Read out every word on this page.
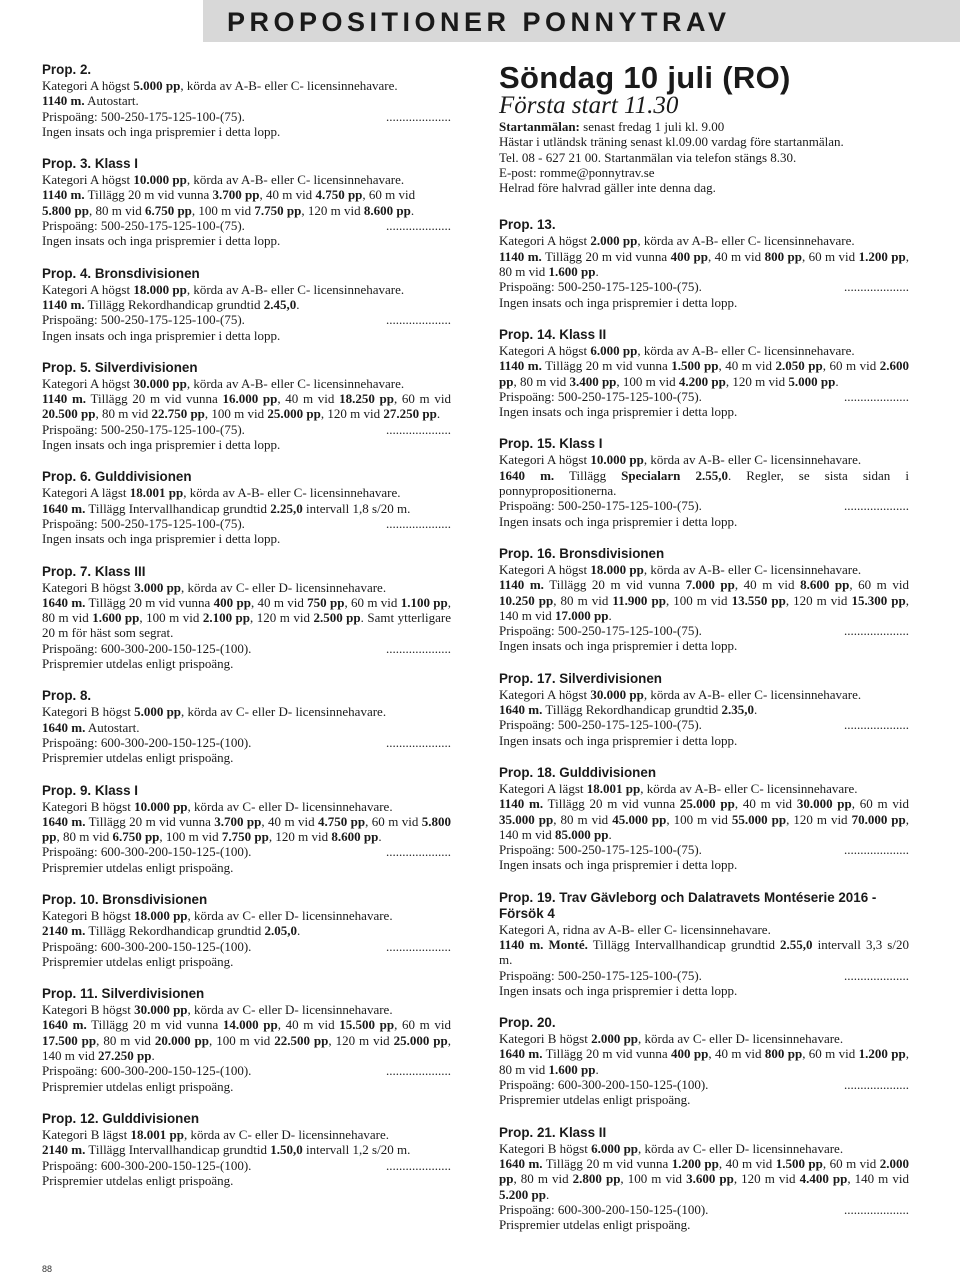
PROPOSITIONER PONNYTRAV
Prop. 2.
Kategori A högst 5.000 pp, körda av A-B- eller C- licensinnehavare.
1140 m. Autostart.
Prispoäng: 500-250-175-125-100-(75).	....................
Ingen insats och inga prispremier i detta lopp.
Prop. 3. Klass I
Kategori A högst 10.000 pp, körda av A-B- eller C- licensinnehavare.
1140 m. Tillägg 20 m vid vunna 3.700 pp, 40 m vid 4.750 pp, 60 m vid
5.800 pp, 80 m vid 6.750 pp, 100 m vid 7.750 pp, 120 m vid 8.600 pp.
Prispoäng: 500-250-175-125-100-(75).	....................
Ingen insats och inga prispremier i detta lopp.
Prop. 4. Bronsdivisionen
Kategori A högst 18.000 pp, körda av A-B- eller C- licensinnehavare.
1140 m. Tillägg Rekordhandicap grundtid 2.45,0.
Prispoäng: 500-250-175-125-100-(75).	....................
Ingen insats och inga prispremier i detta lopp.
Prop. 5. Silverdivisionen
Kategori A högst 30.000 pp, körda av A-B- eller C- licensinnehavare.
1140 m. Tillägg 20 m vid vunna 16.000 pp, 40 m vid 18.250 pp, 60 m vid 20.500 pp, 80 m vid 22.750 pp, 100 m vid 25.000 pp, 120 m vid 27.250 pp.
Prispoäng: 500-250-175-125-100-(75).	....................
Ingen insats och inga prispremier i detta lopp.
Prop. 6. Gulddivisionen
Kategori A lägst 18.001 pp, körda av A-B- eller C- licensinnehavare.
1640 m. Tillägg Intervallhandicap grundtid 2.25,0 intervall 1,8 s/20 m.
Prispoäng: 500-250-175-125-100-(75).	....................
Ingen insats och inga prispremier i detta lopp.
Prop. 7. Klass III
Kategori B högst 3.000 pp, körda av C- eller D- licensinnehavare.
1640 m. Tillägg 20 m vid vunna 400 pp, 40 m vid 750 pp, 60 m vid 1.100 pp, 80 m vid 1.600 pp, 100 m vid 2.100 pp, 120 m vid 2.500 pp. Samt ytterligare 20 m för häst som segrat.
Prispoäng: 600-300-200-150-125-(100).	....................
Prispremier utdelas enligt prispoäng.
Prop. 8.
Kategori B högst 5.000 pp, körda av C- eller D- licensinnehavare.
1640 m. Autostart.
Prispoäng: 600-300-200-150-125-(100).	....................
Prispremier utdelas enligt prispoäng.
Prop. 9. Klass I
Kategori B högst 10.000 pp, körda av C- eller D- licensinnehavare.
1640 m. Tillägg 20 m vid vunna 3.700 pp, 40 m vid 4.750 pp, 60 m vid 5.800 pp, 80 m vid 6.750 pp, 100 m vid 7.750 pp, 120 m vid 8.600 pp.
Prispoäng: 600-300-200-150-125-(100).	....................
Prispremier utdelas enligt prispoäng.
Prop. 10. Bronsdivisionen
Kategori B högst 18.000 pp, körda av C- eller D- licensinnehavare.
2140 m. Tillägg Rekordhandicap grundtid 2.05,0.
Prispoäng: 600-300-200-150-125-(100).	....................
Prispremier utdelas enligt prispoäng.
Prop. 11. Silverdivisionen
Kategori B högst 30.000 pp, körda av C- eller D- licensinnehavare.
1640 m. Tillägg 20 m vid vunna 14.000 pp, 40 m vid 15.500 pp, 60 m vid 17.500 pp, 80 m vid 20.000 pp, 100 m vid 22.500 pp, 120 m vid 25.000 pp, 140 m vid 27.250 pp.
Prispoäng: 600-300-200-150-125-(100).	....................
Prispremier utdelas enligt prispoäng.
Prop. 12. Gulddivisionen
Kategori B lägst 18.001 pp, körda av C- eller D- licensinnehavare.
2140 m. Tillägg Intervallhandicap grundtid 1.50,0 intervall 1,2 s/20 m.
Prispoäng: 600-300-200-150-125-(100).	....................
Prispremier utdelas enligt prispoäng.
Söndag 10 juli (RO)
Första start 11.30
Startanmälan: senast fredag 1 juli kl. 9.00
Hästar i utländsk träning senast kl.09.00 vardag före startanmälan.
Tel. 08 - 627 21 00. Startanmälan via telefon stängs 8.30.
E-post: romme@ponnytrav.se
Helrad före halvrad gäller inte denna dag.
Prop. 13.
Kategori A högst 2.000 pp, körda av A-B- eller C- licensinnehavare.
1140 m. Tillägg 20 m vid vunna 400 pp, 40 m vid 800 pp, 60 m vid 1.200 pp, 80 m vid 1.600 pp.
Prispoäng: 500-250-175-125-100-(75).	....................
Ingen insats och inga prispremier i detta lopp.
Prop. 14. Klass II
Kategori A högst 6.000 pp, körda av A-B- eller C- licensinnehavare.
1140 m. Tillägg 20 m vid vunna 1.500 pp, 40 m vid 2.050 pp, 60 m vid 2.600 pp, 80 m vid 3.400 pp, 100 m vid 4.200 pp, 120 m vid 5.000 pp.
Prispoäng: 500-250-175-125-100-(75).	....................
Ingen insats och inga prispremier i detta lopp.
Prop. 15. Klass I
Kategori A högst 10.000 pp, körda av A-B- eller C- licensinnehavare.
1640 m. Tillägg Specialarn 2.55,0. Regler, se sista sidan i ponnypropositionerna.
Prispoäng: 500-250-175-125-100-(75).	....................
Ingen insats och inga prispremier i detta lopp.
Prop. 16. Bronsdivisionen
Kategori A högst 18.000 pp, körda av A-B- eller C- licensinnehavare.
1140 m. Tillägg 20 m vid vunna 7.000 pp, 40 m vid 8.600 pp, 60 m vid 10.250 pp, 80 m vid 11.900 pp, 100 m vid 13.550 pp, 120 m vid 15.300 pp, 140 m vid 17.000 pp.
Prispoäng: 500-250-175-125-100-(75).	....................
Ingen insats och inga prispremier i detta lopp.
Prop. 17. Silverdivisionen
Kategori A högst 30.000 pp, körda av A-B- eller C- licensinnehavare.
1640 m. Tillägg Rekordhandicap grundtid 2.35,0.
Prispoäng: 500-250-175-125-100-(75).	....................
Ingen insats och inga prispremier i detta lopp.
Prop. 18. Gulddivisionen
Kategori A lägst 18.001 pp, körda av A-B- eller C- licensinnehavare.
1140 m. Tillägg 20 m vid vunna 25.000 pp, 40 m vid 30.000 pp, 60 m vid 35.000 pp, 80 m vid 45.000 pp, 100 m vid 55.000 pp, 120 m vid 70.000 pp, 140 m vid 85.000 pp.
Prispoäng: 500-250-175-125-100-(75).	....................
Ingen insats och inga prispremier i detta lopp.
Prop. 19. Trav Gävleborg och Dalatravets Montéserie 2016 - Försök 4
Kategori A, ridna av A-B- eller C- licensinnehavare.
1140 m. Monté. Tillägg Intervallhandicap grundtid 2.55,0 intervall 3,3 s/20 m.
Prispoäng: 500-250-175-125-100-(75).	....................
Ingen insats och inga prispremier i detta lopp.
Prop. 20.
Kategori B högst 2.000 pp, körda av C- eller D- licensinnehavare.
1640 m. Tillägg 20 m vid vunna 400 pp, 40 m vid 800 pp, 60 m vid 1.200 pp, 80 m vid 1.600 pp.
Prispoäng: 600-300-200-150-125-(100).	....................
Prispremier utdelas enligt prispoäng.
Prop. 21. Klass II
Kategori B högst 6.000 pp, körda av C- eller D- licensinnehavare.
1640 m. Tillägg 20 m vid vunna 1.200 pp, 40 m vid 1.500 pp, 60 m vid 2.000 pp, 80 m vid 2.800 pp, 100 m vid 3.600 pp, 120 m vid 4.400 pp, 140 m vid 5.200 pp.
Prispoäng: 600-300-200-150-125-(100).	....................
Prispremier utdelas enligt prispoäng.
88
